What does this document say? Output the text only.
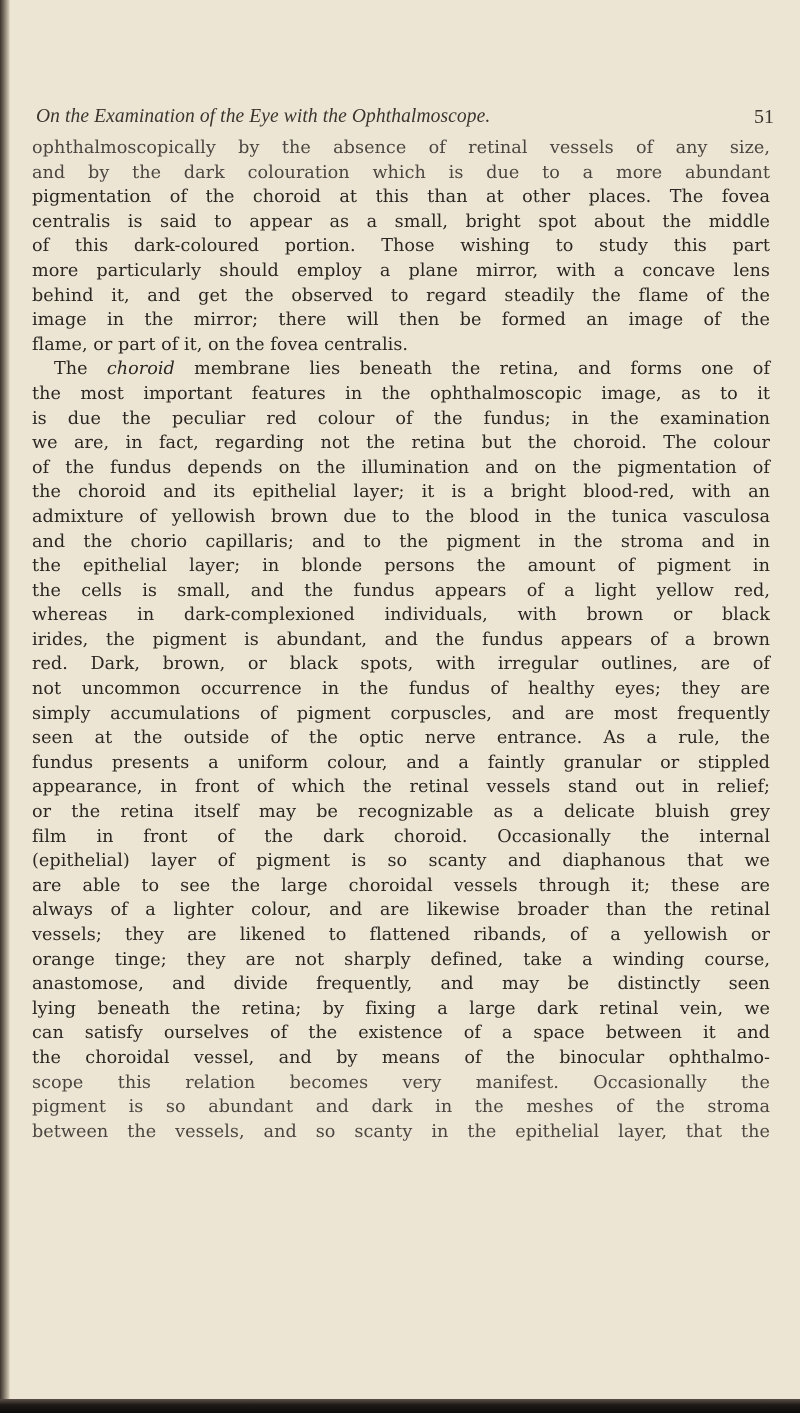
On the Examination of the Eye with the Ophthalmoscope.	51
ophthalmoscopically by the absence of retinal vessels of any size,
and by the dark colouration which is due to a more abundant
pigmentation of the choroid at this than at other places. The fovea
centralis is said to appear as a small, bright spot about the middle
of this dark-coloured portion. Those wishing to study this part
more particularly should employ a plane mirror, with a concave lens
behind it, and get the observed to regard steadily the flame of the
image in the mirror; there will then be formed an image of the
flame, or part of it, on the fovea centralis.
The choroid membrane lies beneath the retina, and forms one of
the most important features in the ophthalmoscopic image, as to it
is due the peculiar red colour of the fundus; in the examination
we are, in fact, regarding not the retina but the choroid. The colour
of the fundus depends on the illumination and on the pigmentation of
the choroid and its epithelial layer; it is a bright blood-red, with an
admixture of yellowish brown due to the blood in the tunica vasculosa
and the chorio capillaris; and to the pigment in the stroma and in
the epithelial layer; in blonde persons the amount of pigment in
the cells is small, and the fundus appears of a light yellow red,
whereas in dark-complexioned individuals, with brown or black
irides, the pigment is abundant, and the fundus appears of a brown
red. Dark, brown, or black spots, with irregular outlines, are of
not uncommon occurrence in the fundus of healthy eyes; they are
simply accumulations of pigment corpuscles, and are most frequently
seen at the outside of the optic nerve entrance. As a rule, the
fundus presents a uniform colour, and a faintly granular or stippled
appearance, in front of which the retinal vessels stand out in relief;
or the retina itself may be recognizable as a delicate bluish grey
film in front of the dark choroid. Occasionally the internal
(epithelial) layer of pigment is so scanty and diaphanous that we
are able to see the large choroidal vessels through it; these are
always of a lighter colour, and are likewise broader than the retinal
vessels; they are likened to flattened ribands, of a yellowish or
orange tinge; they are not sharply defined, take a winding course,
anastomose, and divide frequently, and may be distinctly seen
lying beneath the retina; by fixing a large dark retinal vein, we
can satisfy ourselves of the existence of a space between it and
the choroidal vessel, and by means of the binocular ophthalmo-
scope this relation becomes very manifest. Occasionally the
pigment is so abundant and dark in the meshes of the stroma
between the vessels, and so scanty in the epithelial layer, that the
